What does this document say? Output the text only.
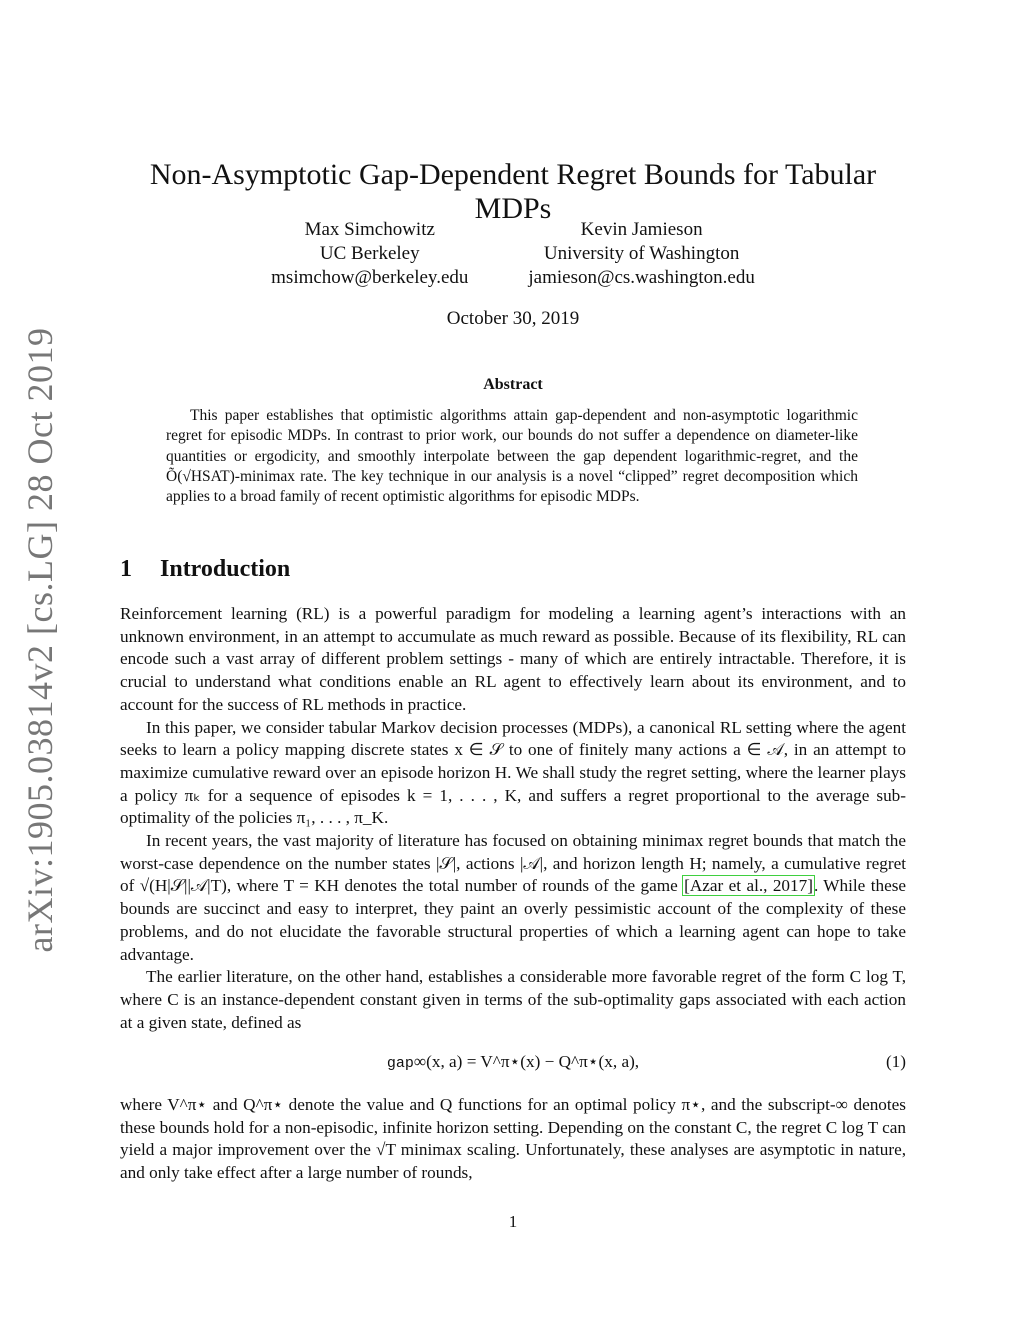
arXiv:1905.03814v2 [cs.LG] 28 Oct 2019
Non-Asymptotic Gap-Dependent Regret Bounds for Tabular MDPs
Max Simchowitz
UC Berkeley
msimchow@berkeley.edu
Kevin Jamieson
University of Washington
jamieson@cs.washington.edu
October 30, 2019
Abstract
This paper establishes that optimistic algorithms attain gap-dependent and non-asymptotic logarithmic regret for episodic MDPs. In contrast to prior work, our bounds do not suffer a dependence on diameter-like quantities or ergodicity, and smoothly interpolate between the gap dependent logarithmic-regret, and the Õ(√HSAT)-minimax rate. The key technique in our analysis is a novel “clipped” regret decomposition which applies to a broad family of recent optimistic algorithms for episodic MDPs.
1 Introduction

Reinforcement learning (RL) is a powerful paradigm for modeling a learning agent’s interactions with an unknown environment, in an attempt to accumulate as much reward as possible. Because of its flexibility, RL can encode such a vast array of different problem settings - many of which are entirely intractable. Therefore, it is crucial to understand what conditions enable an RL agent to effectively learn about its environment, and to account for the success of RL methods in practice.

In this paper, we consider tabular Markov decision processes (MDPs), a canonical RL setting where the agent seeks to learn a policy mapping discrete states x ∈ 𝒮 to one of finitely many actions a ∈ 𝒜, in an attempt to maximize cumulative reward over an episode horizon H. We shall study the regret setting, where the learner plays a policy πₖ for a sequence of episodes k = 1, . . . , K, and suffers a regret proportional to the average sub-optimality of the policies π₁, . . . , π_K.

In recent years, the vast majority of literature has focused on obtaining minimax regret bounds that match the worst-case dependence on the number states |𝒮|, actions |𝒜|, and horizon length H; namely, a cumulative regret of √(H|𝒮||𝒜|T), where T = KH denotes the total number of rounds of the game [Azar et al., 2017]. While these bounds are succinct and easy to interpret, they paint an overly pessimistic account of the complexity of these problems, and do not elucidate the favorable structural properties of which a learning agent can hope to take advantage.

The earlier literature, on the other hand, establishes a considerable more favorable regret of the form C log T, where C is an instance-dependent constant given in terms of the sub-optimality gaps associated with each action at a given state, defined as

gap∞(x, a) = V^π⋆(x) − Q^π⋆(x, a),	(1)
where V^π⋆ and Q^π⋆ denote the value and Q functions for an optimal policy π⋆, and the subscript-∞ denotes these bounds hold for a non-episodic, infinite horizon setting. Depending on the constant C, the regret C log T can yield a major improvement over the √T minimax scaling. Unfortunately, these analyses are asymptotic in nature, and only take effect after a large number of rounds,
1
